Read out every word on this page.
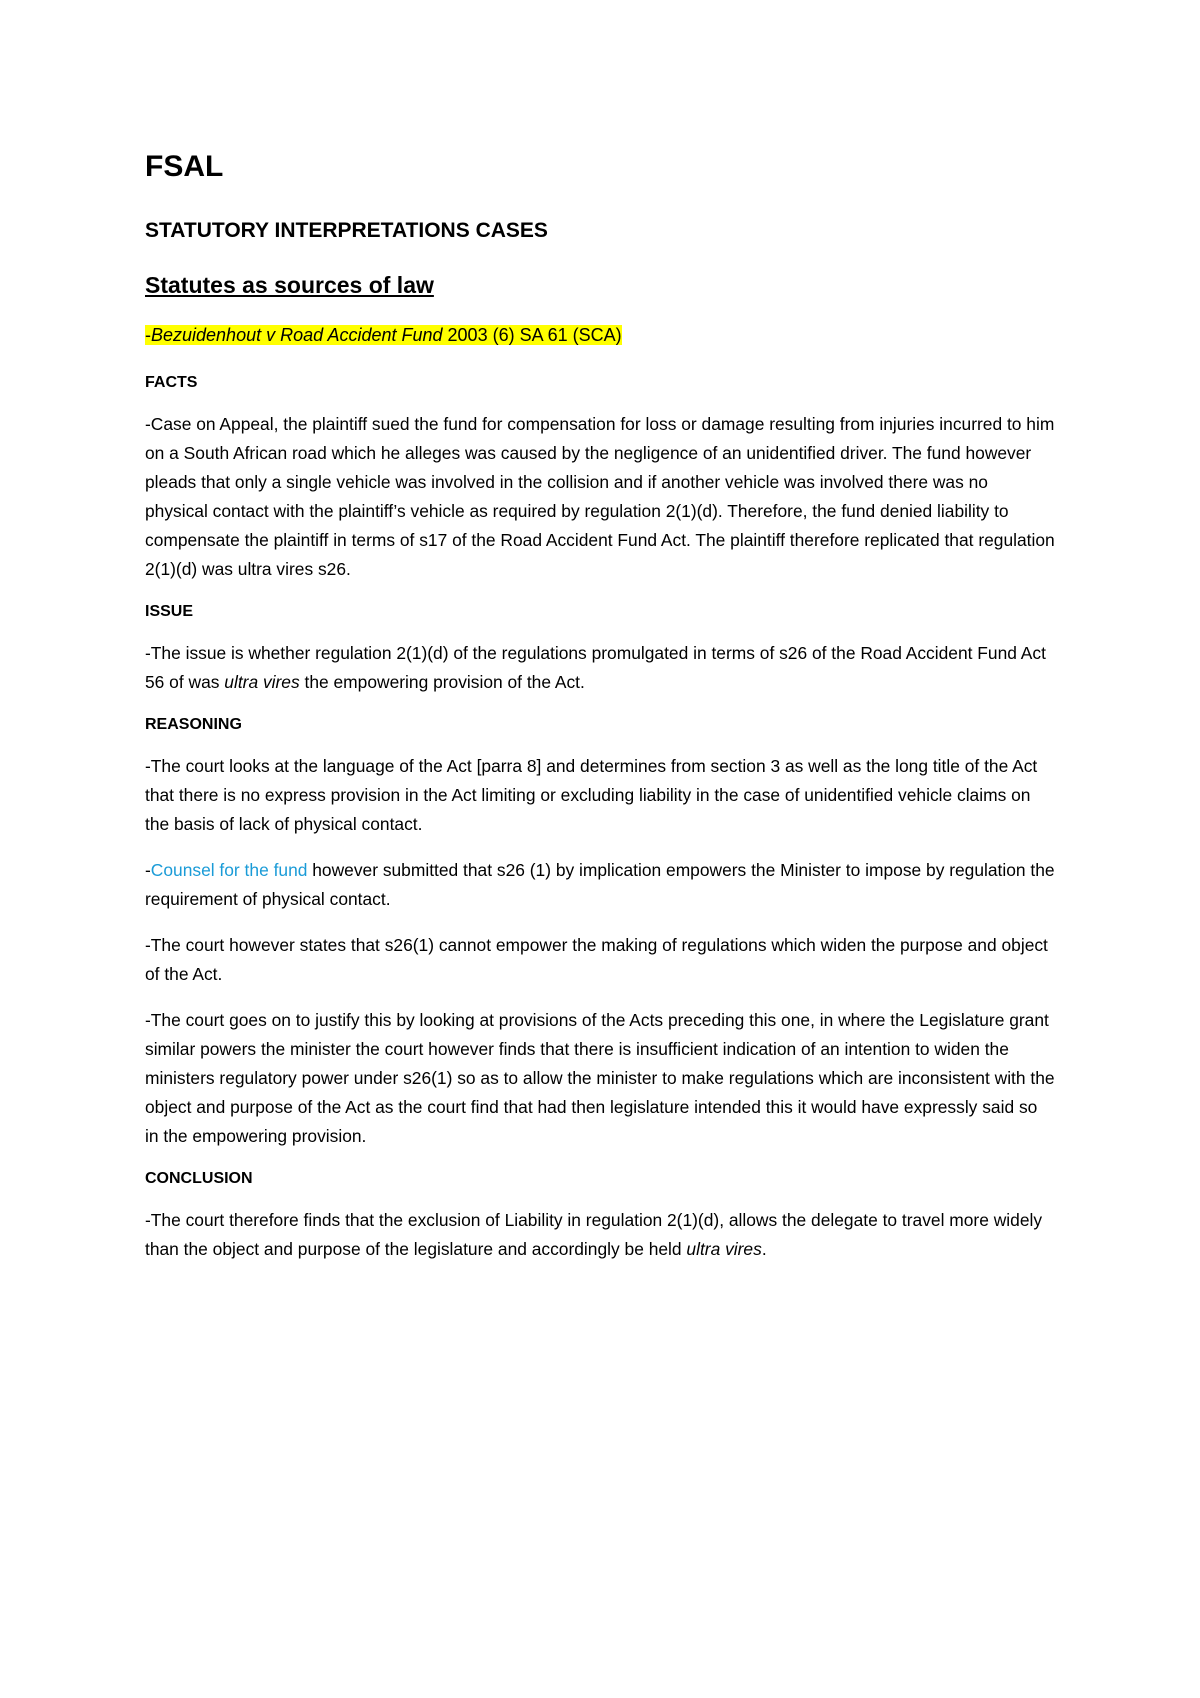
FSAL
STATUTORY INTERPRETATIONS CASES
Statutes as sources of law
-Bezuidenhout v Road Accident Fund 2003 (6) SA 61 (SCA)
FACTS
-Case on Appeal, the plaintiff sued the fund for compensation for loss or damage resulting from injuries incurred to him on a South African road which he alleges was caused by the negligence of an unidentified driver. The fund however pleads that only a single vehicle was involved in the collision and if another vehicle was involved there was no physical contact with the plaintiff’s vehicle as required by regulation 2(1)(d). Therefore, the fund denied liability to compensate the plaintiff in terms of s17 of the Road Accident Fund Act. The plaintiff therefore replicated that regulation 2(1)(d) was ultra vires s26.
ISSUE
-The issue is whether regulation 2(1)(d) of the regulations promulgated in terms of s26 of the Road Accident Fund Act 56 of was ultra vires the empowering provision of the Act.
REASONING
-The court looks at the language of the Act [parra 8] and determines from section 3 as well as the long title of the Act that there is no express provision in the Act limiting or excluding liability in the case of unidentified vehicle claims on the basis of lack of physical contact.
-Counsel for the fund however submitted that s26 (1) by implication empowers the Minister to impose by regulation the requirement of physical contact.
-The court however states that s26(1) cannot empower the making of regulations which widen the purpose and object of the Act.
-The court goes on to justify this by looking at provisions of the Acts preceding this one, in where the Legislature grant similar powers the minister the court however finds that there is insufficient indication of an intention to widen the ministers regulatory power under s26(1) so as to allow the minister to make regulations which are inconsistent with the object and purpose of the Act as the court find that had then legislature intended this it would have expressly said so in the empowering provision.
CONCLUSION
-The court therefore finds that the exclusion of Liability in regulation 2(1)(d), allows the delegate to travel more widely than the object and purpose of the legislature and accordingly be held ultra vires.
